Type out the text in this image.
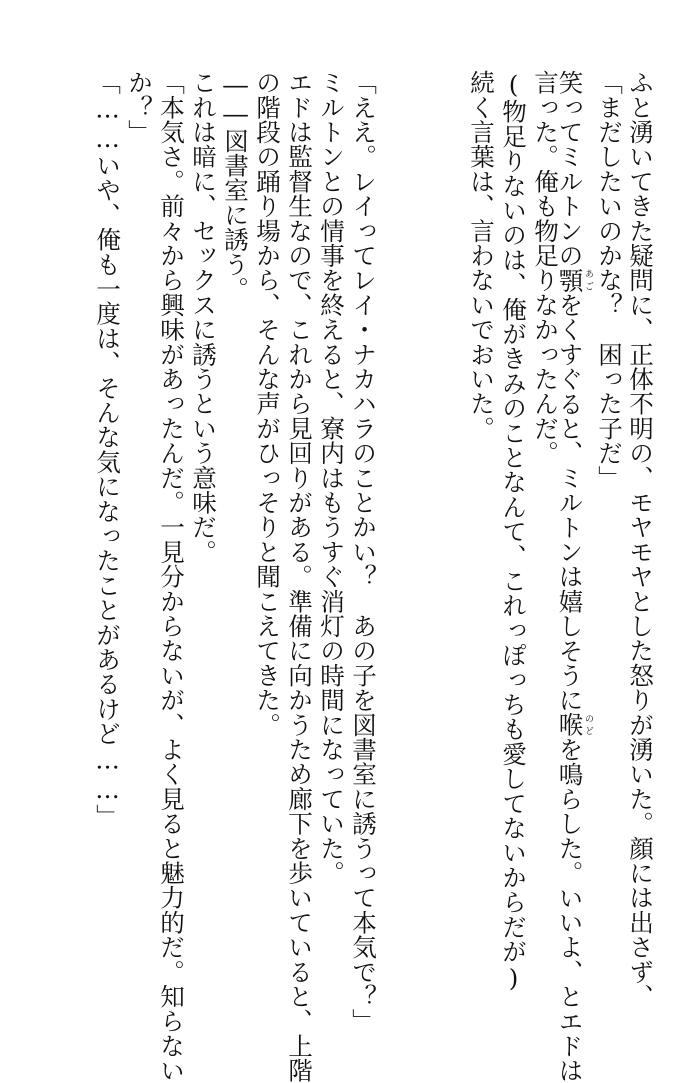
ふと湧いてきた疑問に、正体不明の、モヤモヤとした怒りが湧いた。顔には出さず、
「まだしたいのかな？　困った子だ」
笑ってミルトンの顎あごをくすぐると、ミルトンは嬉しそうに喉のどを鳴らした。いいよ、とエドは
言った。俺も物足りなかったんだ。
(物足りないのは、俺がきみのことなんて、これっぽっちも愛してないからだが)
続く言葉は、言わないでおいた。
「ええ。レイってレイ・ナカハラのことかい？　あの子を図書室に誘うって本気で？」
ミルトンとの情事を終えると、寮内はもうすぐ消灯の時間になっていた。
エドは監督生なので、これから見回りがある。準備に向かうため廊下を歩いていると、上階
の階段の踊り場から、そんな声がひっそりと聞こえてきた。
――図書室に誘う。
これは暗に、セックスに誘うという意味だ。
「本気さ。前々から興味があったんだ。一見分からないが、よく見ると魅力的だ。知らない
か？」
「……いや、俺も一度は、そんな気になったことがあるけど……」
